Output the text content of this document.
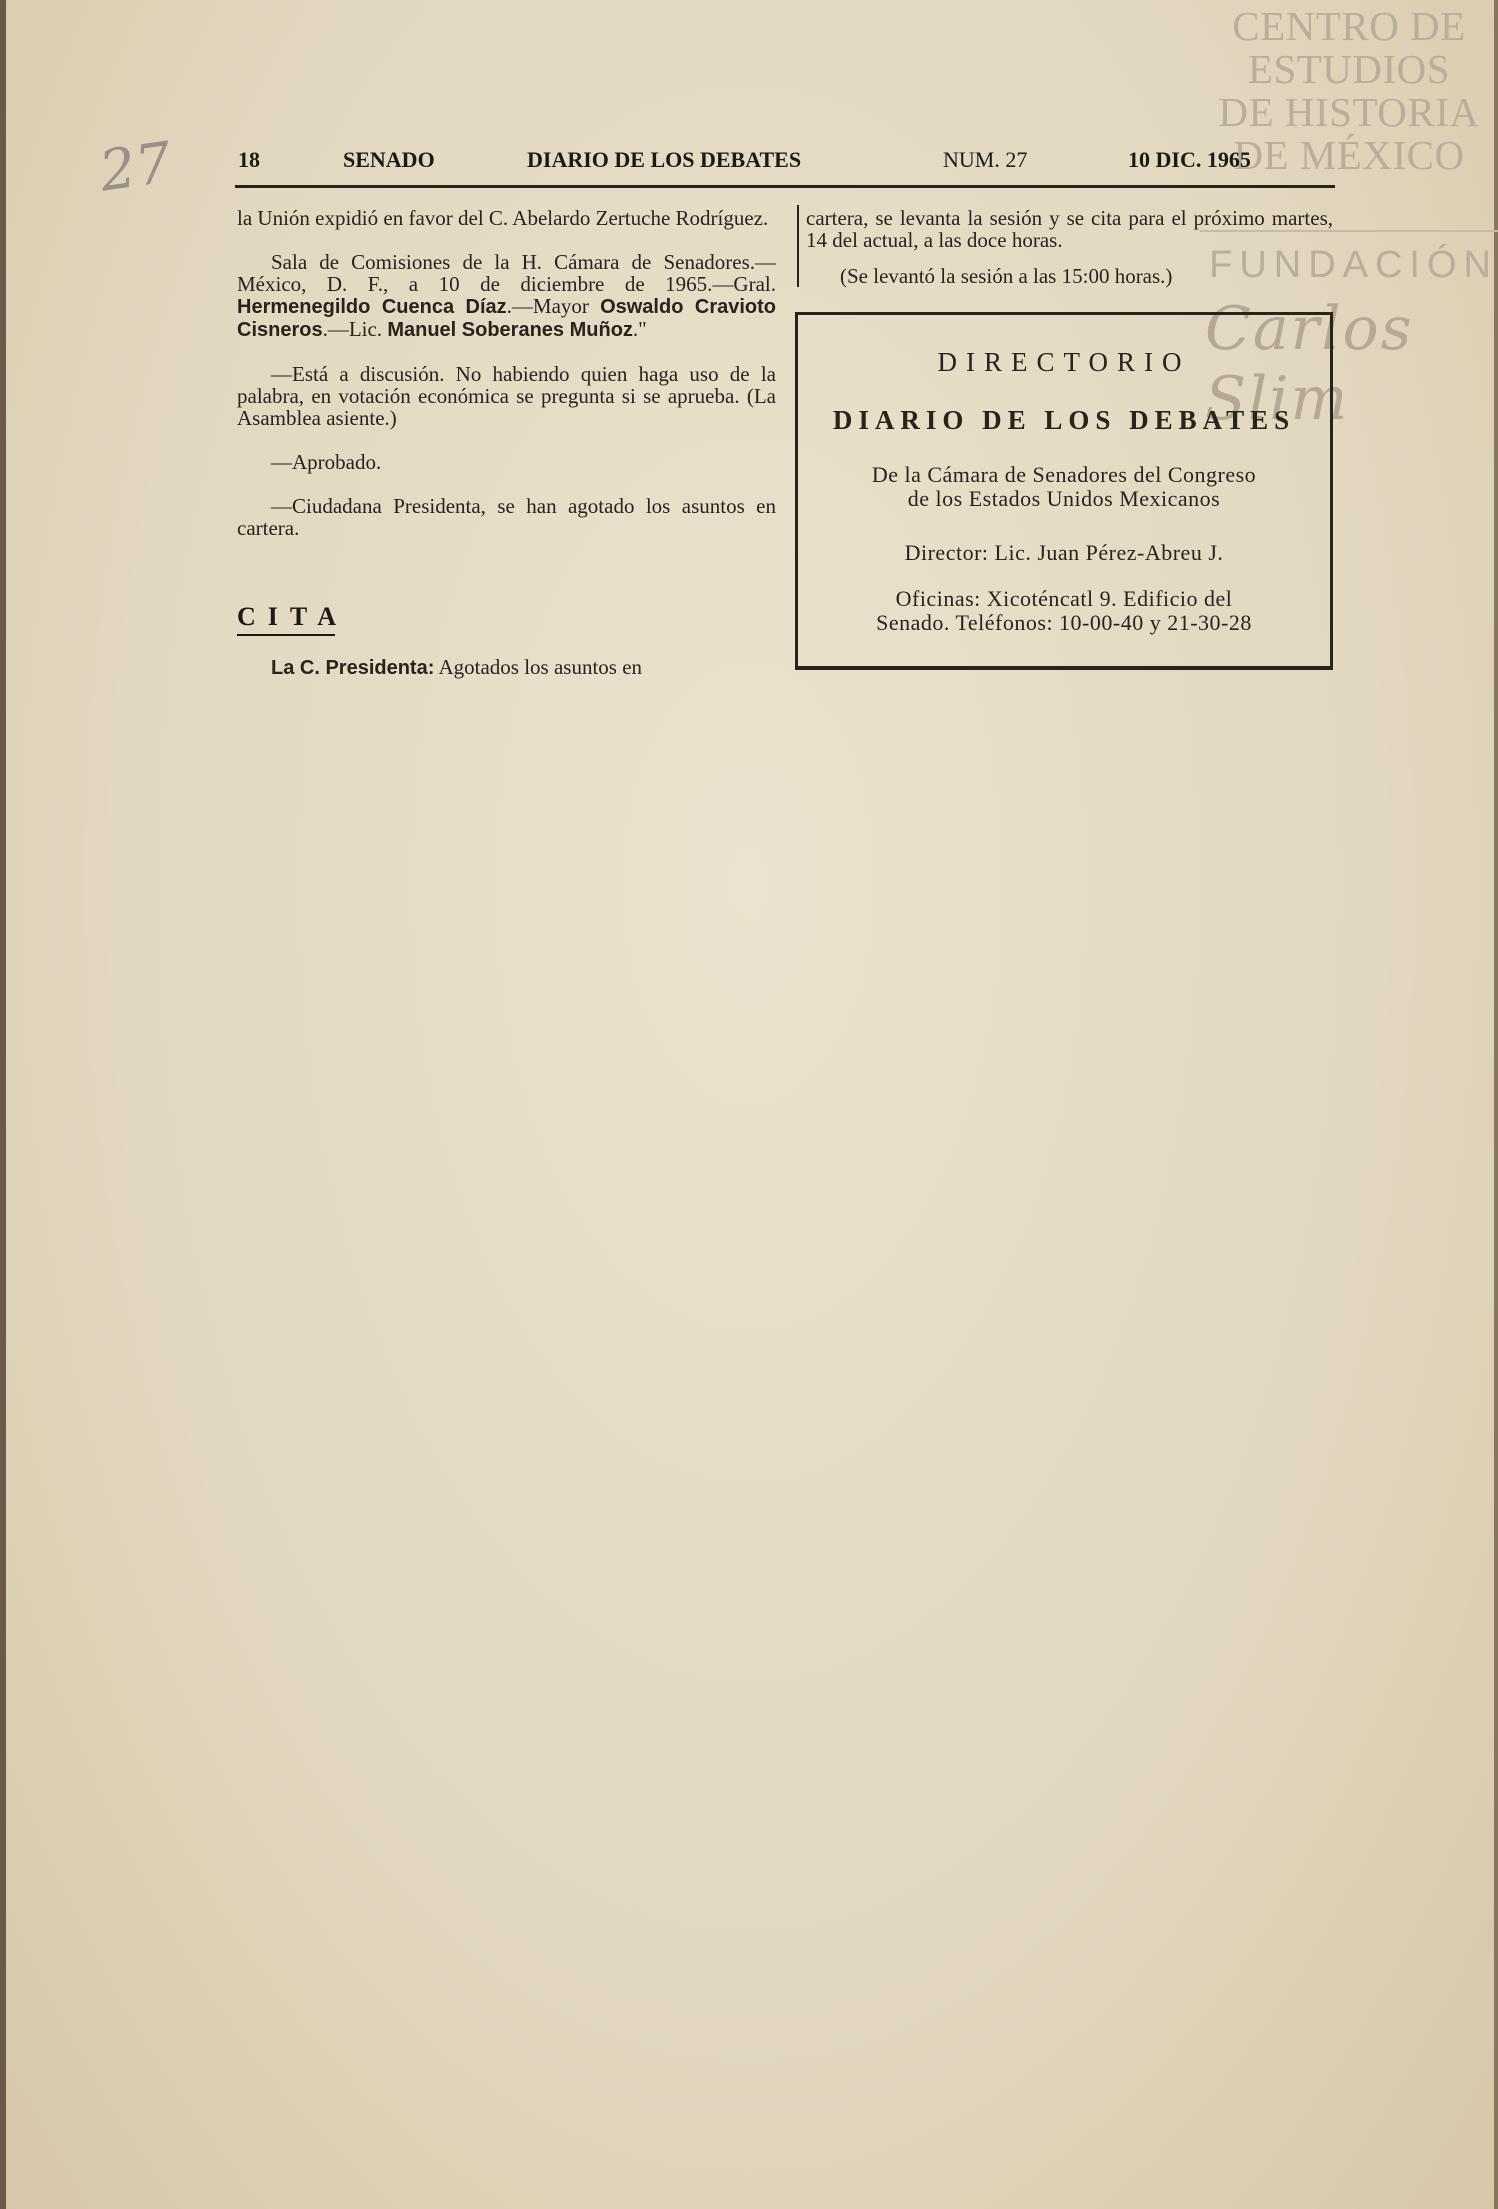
CENTRO DE
ESTUDIOS
DE HISTORIA
DE MÉXICO
FUNDACIÓN
Carlos Slim
27	18	SENADO	DIARIO DE LOS DEBATES	NUM. 27	10 DIC. 1965

la Unión expidió en favor del C. Abelardo Zertuche Rodríguez.

Sala de Comisiones de la H. Cámara de Senadores.—México, D. F., a 10 de diciembre de 1965.—Gral. Hermenegildo Cuenca Díaz.—Mayor Oswaldo Cravioto Cisneros.—Lic. Manuel Soberanes Muñoz."

—Está a discusión. No habiendo quien haga uso de la palabra, en votación económica se pregunta si se aprueba. (La Asamblea asiente.)

—Aprobado.

—Ciudadana Presidenta, se han agotado los asuntos en cartera.

CITA

La C. Presidenta: Agotados los asuntos en

cartera, se levanta la sesión y se cita para el próximo martes, 14 del actual, a las doce horas.

(Se levantó la sesión a las 15:00 horas.)

DIRECTORIO
DIARIO DE LOS DEBATES
De la Cámara de Senadores del Congreso
de los Estados Unidos Mexicanos
Director: Lic. Juan Pérez-Abreu J.
Oficinas: Xicoténcatl 9. Edificio del
Senado. Teléfonos: 10-00-40 y 21-30-28
